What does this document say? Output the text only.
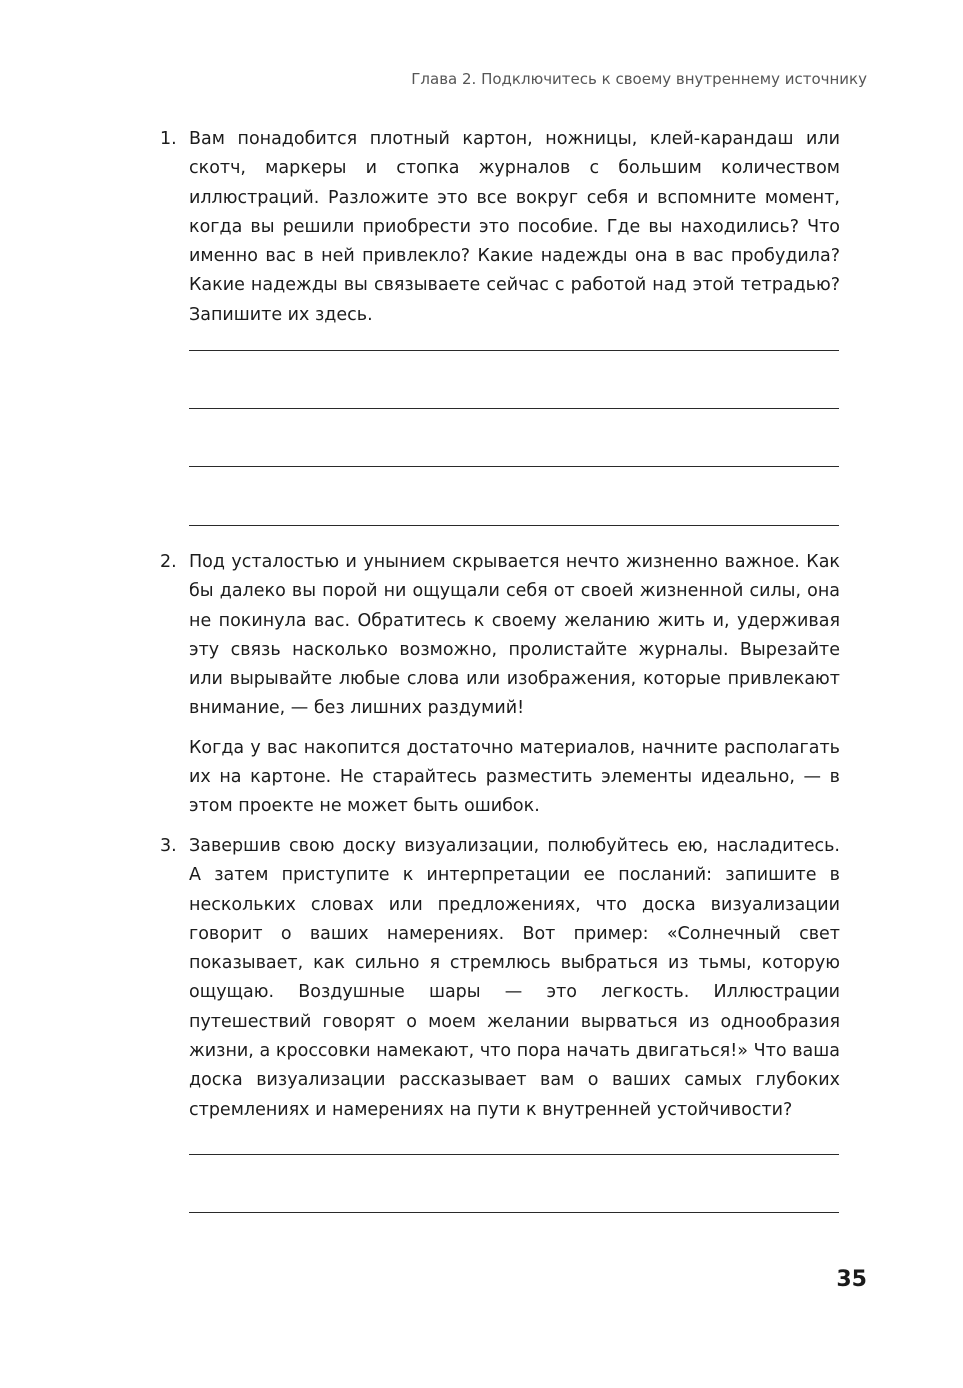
Глава 2. Подключитесь к своему внутреннему источнику
1. Вам понадобится плотный картон, ножницы, клей-карандаш или скотч, маркеры и стопка журналов с большим количеством иллюстраций. Разложите это все вокруг себя и вспомните момент, когда вы решили приобрести это пособие. Где вы находились? Что именно вас в ней привлекло? Какие надежды она в вас пробудила? Какие надежды вы связываете сейчас с работой над этой тетрадью? Запишите их здесь.

2. Под усталостью и унынием скрывается нечто жизненно важное. Как бы далеко вы порой ни ощущали себя от своей жизненной силы, она не покинула вас. Обратитесь к своему желанию жить и, удерживая эту связь насколько возможно, пролистайте журналы. Вырезайте или вырывайте любые слова или изображения, которые привлекают внимание, — без лишних раздумий!

Когда у вас накопится достаточно материалов, начните располагать их на картоне. Не старайтесь разместить элементы идеально, — в этом проекте не может быть ошибок.

3. Завершив свою доску визуализации, полюбуйтесь ею, насладитесь. А затем приступите к интерпретации ее посланий: запишите в нескольких словах или предложениях, что доска визуализации говорит о ваших намерениях. Вот пример: «Солнечный свет показывает, как сильно я стремлюсь выбраться из тьмы, которую ощущаю. Воздушные шары — это легкость. Иллюстрации путешествий говорят о моем желании вырваться из однообразия жизни, а кроссовки намекают, что пора начать двигаться!» Что ваша доска визуализации рассказывает вам о ваших самых глубоких стремлениях и намерениях на пути к внутренней устойчивости?

35
